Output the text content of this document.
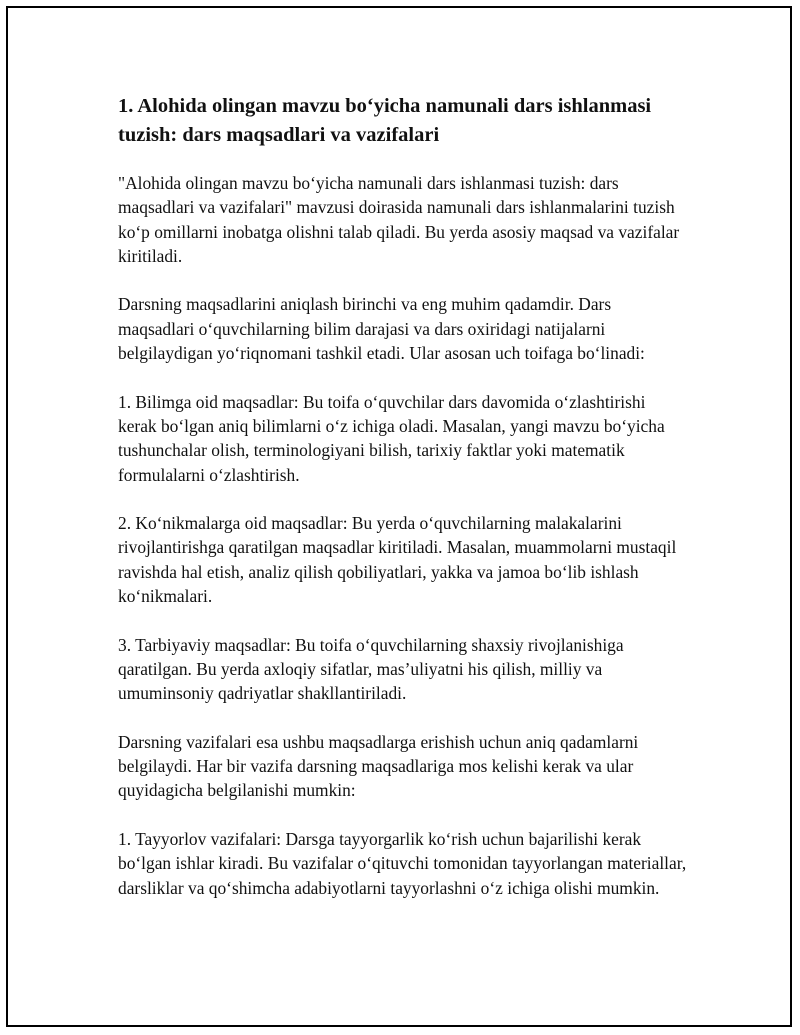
1. Alohida olingan mavzu bo‘yicha namunali dars ishlanmasi tuzish: dars maqsadlari va vazifalari

"Alohida olingan mavzu bo‘yicha namunali dars ishlanmasi tuzish: dars maqsadlari va vazifalari" mavzusi doirasida namunali dars ishlanmalarini tuzish ko‘p omillarni inobatga olishni talab qiladi. Bu yerda asosiy maqsad va vazifalar kiritiladi.

Darsning maqsadlarini aniqlash birinchi va eng muhim qadamdir. Dars maqsadlari o‘quvchilarning bilim darajasi va dars oxiridagi natijalarni belgilaydigan yo‘riqnomani tashkil etadi. Ular asosan uch toifaga bo‘linadi:

1. Bilimga oid maqsadlar: Bu toifa o‘quvchilar dars davomida o‘zlashtirishi kerak bo‘lgan aniq bilimlarni o‘z ichiga oladi. Masalan, yangi mavzu bo‘yicha tushunchalar olish, terminologiyani bilish, tarixiy faktlar yoki matematik formulalarni o‘zlashtirish.

2. Ko‘nikmalarga oid maqsadlar: Bu yerda o‘quvchilarning malakalarini rivojlantirishga qaratilgan maqsadlar kiritiladi. Masalan, muammolarni mustaqil ravishda hal etish, analiz qilish qobiliyatlari, yakka va jamoa bo‘lib ishlash ko‘nikmalari.

3. Tarbiyaviy maqsadlar: Bu toifa o‘quvchilarning shaxsiy rivojlanishiga qaratilgan. Bu yerda axloqiy sifatlar, mas’uliyatni his qilish, milliy va umuminsoniy qadriyatlar shakllantiriladi.

Darsning vazifalari esa ushbu maqsadlarga erishish uchun aniq qadamlarni belgilaydi. Har bir vazifa darsning maqsadlariga mos kelishi kerak va ular quyidagicha belgilanishi mumkin:

1. Tayyorlov vazifalari: Darsga tayyorgarlik ko‘rish uchun bajarilishi kerak bo‘lgan ishlar kiradi. Bu vazifalar o‘qituvchi tomonidan tayyorlangan materiallar, darsliklar va qo‘shimcha adabiyotlarni tayyorlashni o‘z ichiga olishi mumkin.
